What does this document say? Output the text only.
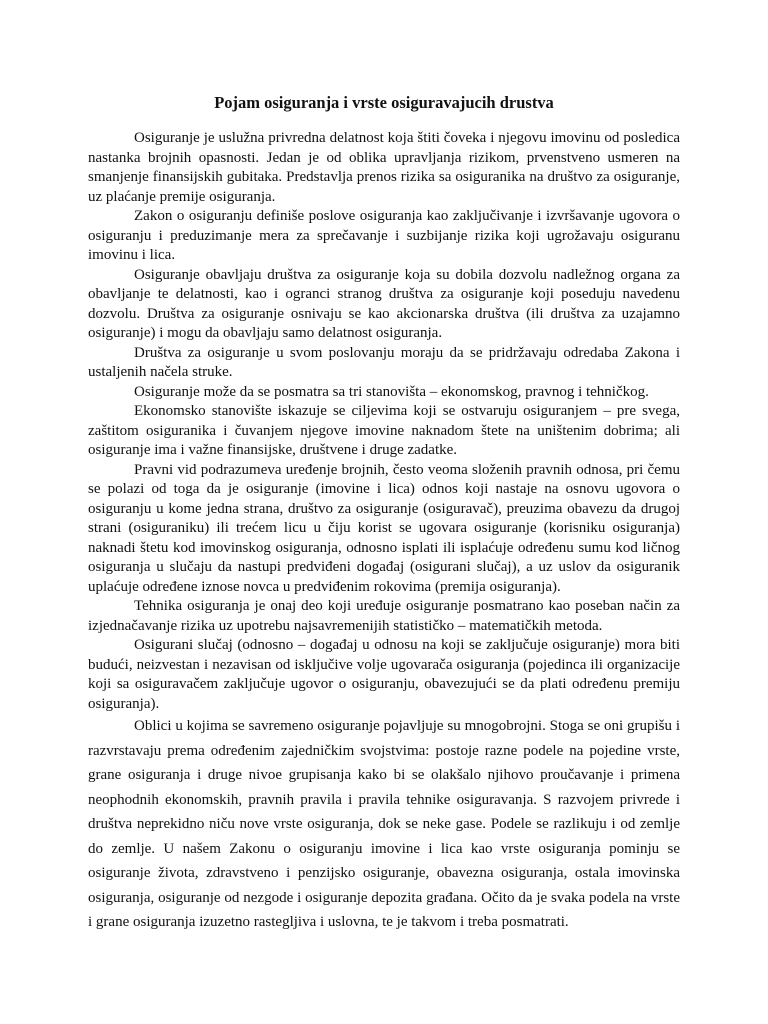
Pojam osiguranja i vrste osiguravajucih drustva

Osiguranje je uslužna privredna delatnost koja štiti čoveka i njegovu imovinu od posledica nastanka brojnih opasnosti. Jedan je od oblika upravljanja rizikom, prvenstveno usmeren na smanjenje finansijskih gubitaka. Predstavlja prenos rizika sa osiguranika na društvo za osiguranje, uz plaćanje premije osiguranja.

Zakon o osiguranju definiše poslove osiguranja kao zaključivanje i izvršavanje ugovora o osiguranju i preduzimanje mera za sprečavanje i suzbijanje rizika koji ugrožavaju osiguranu imovinu i lica.

Osiguranje obavljaju društva za osiguranje koja su dobila dozvolu nadležnog organa za obavljanje te delatnosti, kao i ogranci stranog društva za osiguranje koji poseduju navedenu dozvolu. Društva za osiguranje osnivaju se kao akcionarska društva (ili društva za uzajamno osiguranje) i mogu da obavljaju samo delatnost osiguranja.

Društva za osiguranje u svom poslovanju moraju da se pridržavaju odredaba Zakona i ustaljenih načela struke.

Osiguranje može da se posmatra sa tri stanovišta – ekonomskog, pravnog i tehničkog.

Ekonomsko stanovište iskazuje se ciljevima koji se ostvaruju osiguranjem – pre svega, zaštitom osiguranika i čuvanjem njegove imovine naknadom štete na uništenim dobrima; ali osiguranje ima i važne finansijske, društvene i druge zadatke.

Pravni vid podrazumeva uređenje brojnih, često veoma složenih pravnih odnosa, pri čemu se polazi od toga da je osiguranje (imovine i lica) odnos koji nastaje na osnovu ugovora o osiguranju u kome jedna strana, društvo za osiguranje (osiguravač), preuzima obavezu da drugoj strani (osiguraniku) ili trećem licu u čiju korist se ugovara osiguranje (korisniku osiguranja) naknadi štetu kod imovinskog osiguranja, odnosno isplati ili isplaćuje određenu sumu kod ličnog osiguranja u slučaju da nastupi predviđeni događaj (osigurani slučaj), a uz uslov da osiguranik uplaćuje određene iznose novca u predviđenim rokovima (premija osiguranja).

Tehnika osiguranja je onaj deo koji uređuje osiguranje posmatrano kao poseban način za izjednačavanje rizika uz upotrebu najsavremenijih statističko – matematičkih metoda.

Osigurani slučaj (odnosno – događaj u odnosu na koji se zaključuje osiguranje) mora biti budući, neizvestan i nezavisan od isključive volje ugovarača osiguranja (pojedinca ili organizacije koji sa osiguravačem zaključuje ugovor o osiguranju, obavezujući se da plati određenu premiju osiguranja).

Oblici u kojima se savremeno osiguranje pojavljuje su mnogobrojni. Stoga se oni grupišu i razvrstavaju prema određenim zajedničkim svojstvima: postoje razne podele na pojedine vrste, grane osiguranja i druge nivoe grupisanja kako bi se olakšalo njihovo proučavanje i primena neophodnih ekonomskih, pravnih pravila i pravila tehnike osiguravanja. S razvojem privrede i društva neprekidno niču nove vrste osiguranja, dok se neke gase. Podele se razlikuju i od zemlje do zemlje. U našem Zakonu o osiguranju imovine i lica kao vrste osiguranja pominju se osiguranje života, zdravstveno i penzijsko osiguranje, obavezna osiguranja, ostala imovinska osiguranja, osiguranje od nezgode i osiguranje depozita građana. Očito da je svaka podela na vrste i grane osiguranja izuzetno rastegljiva i uslovna, te je takvom i treba posmatrati.
